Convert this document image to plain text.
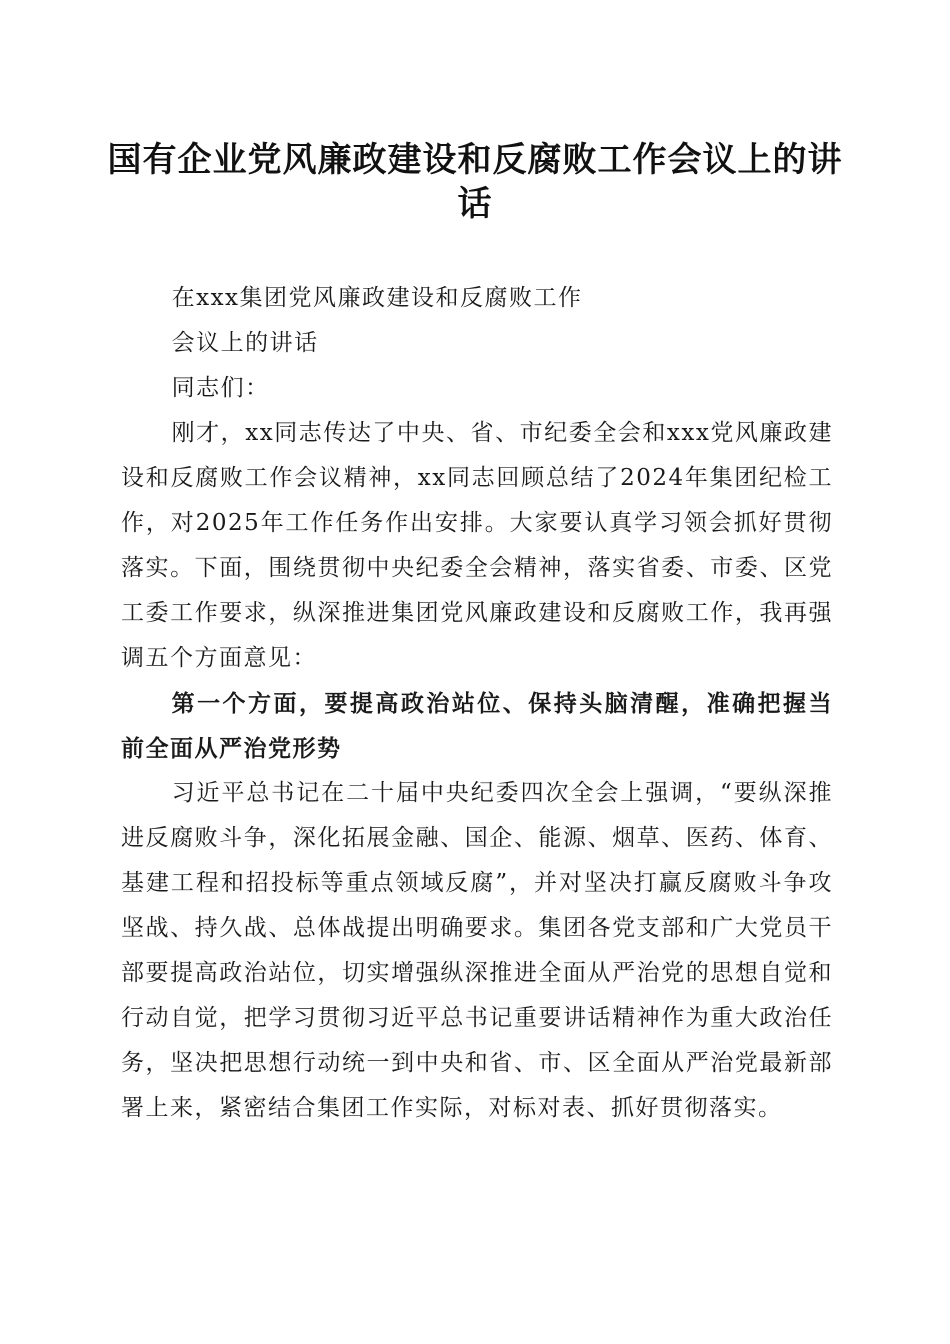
国有企业党风廉政建设和反腐败工作会议上的讲话

在xxx集团党风廉政建设和反腐败工作

会议上的讲话

同志们：

刚才，xx同志传达了中央、省、市纪委全会和xxx党风廉政建设和反腐败工作会议精神，xx同志回顾总结了2024年集团纪检工作，对2025年工作任务作出安排。大家要认真学习领会抓好贯彻落实。下面，围绕贯彻中央纪委全会精神，落实省委、市委、区党工委工作要求，纵深推进集团党风廉政建设和反腐败工作，我再强调五个方面意见：

第一个方面，要提高政治站位、保持头脑清醒，准确把握当前全面从严治党形势

习近平总书记在二十届中央纪委四次全会上强调，“要纵深推进反腐败斗争，深化拓展金融、国企、能源、烟草、医药、体育、基建工程和招投标等重点领域反腐”，并对坚决打赢反腐败斗争攻坚战、持久战、总体战提出明确要求。集团各党支部和广大党员干部要提高政治站位，切实增强纵深推进全面从严治党的思想自觉和行动自觉，把学习贯彻习近平总书记重要讲话精神作为重大政治任务，坚决把思想行动统一到中央和省、市、区全面从严治党最新部署上来，紧密结合集团工作实际，对标对表、抓好贯彻落实。
